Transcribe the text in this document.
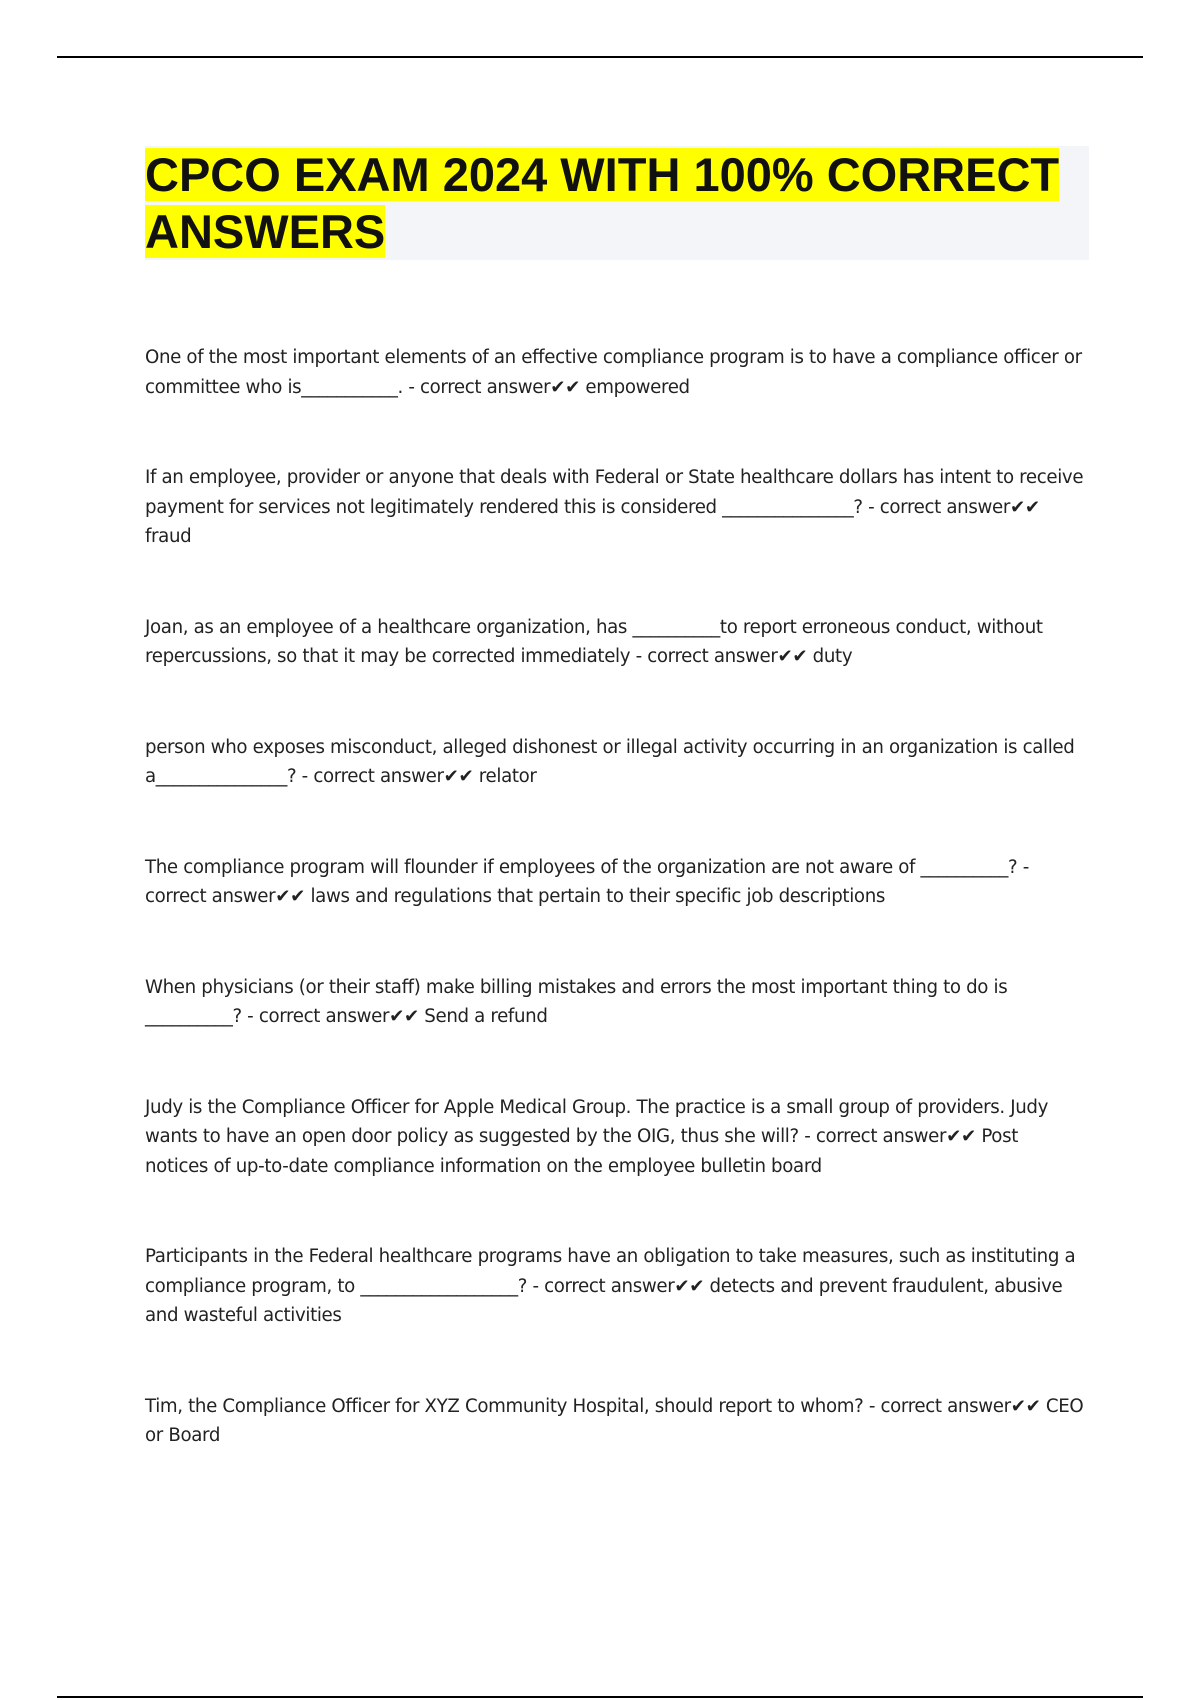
CPCO EXAM 2024 WITH 100% CORRECT ANSWERS
One of the most important elements of an effective compliance program is to have a compliance officer or committee who is___________. - correct answer✔✔ empowered
If an employee, provider or anyone that deals with Federal or State healthcare dollars has intent to receive payment for services not legitimately rendered this is considered _______________? - correct answer✔✔ fraud
Joan, as an employee of a healthcare organization, has __________to report erroneous conduct, without repercussions, so that it may be corrected immediately - correct answer✔✔ duty
person who exposes misconduct, alleged dishonest or illegal activity occurring in an organization is called a_______________? - correct answer✔✔ relator
The compliance program will flounder if employees of the organization are not aware of __________? - correct answer✔✔ laws and regulations that pertain to their specific job descriptions
When physicians (or their staff) make billing mistakes and errors the most important thing to do is __________? - correct answer✔✔ Send a refund
Judy is the Compliance Officer for Apple Medical Group. The practice is a small group of providers. Judy wants to have an open door policy as suggested by the OIG, thus she will? - correct answer✔✔ Post notices of up-to-date compliance information on the employee bulletin board
Participants in the Federal healthcare programs have an obligation to take measures, such as instituting a compliance program, to __________________? - correct answer✔✔ detects and prevent fraudulent, abusive and wasteful activities
Tim, the Compliance Officer for XYZ Community Hospital, should report to whom? - correct answer✔✔ CEO or Board
